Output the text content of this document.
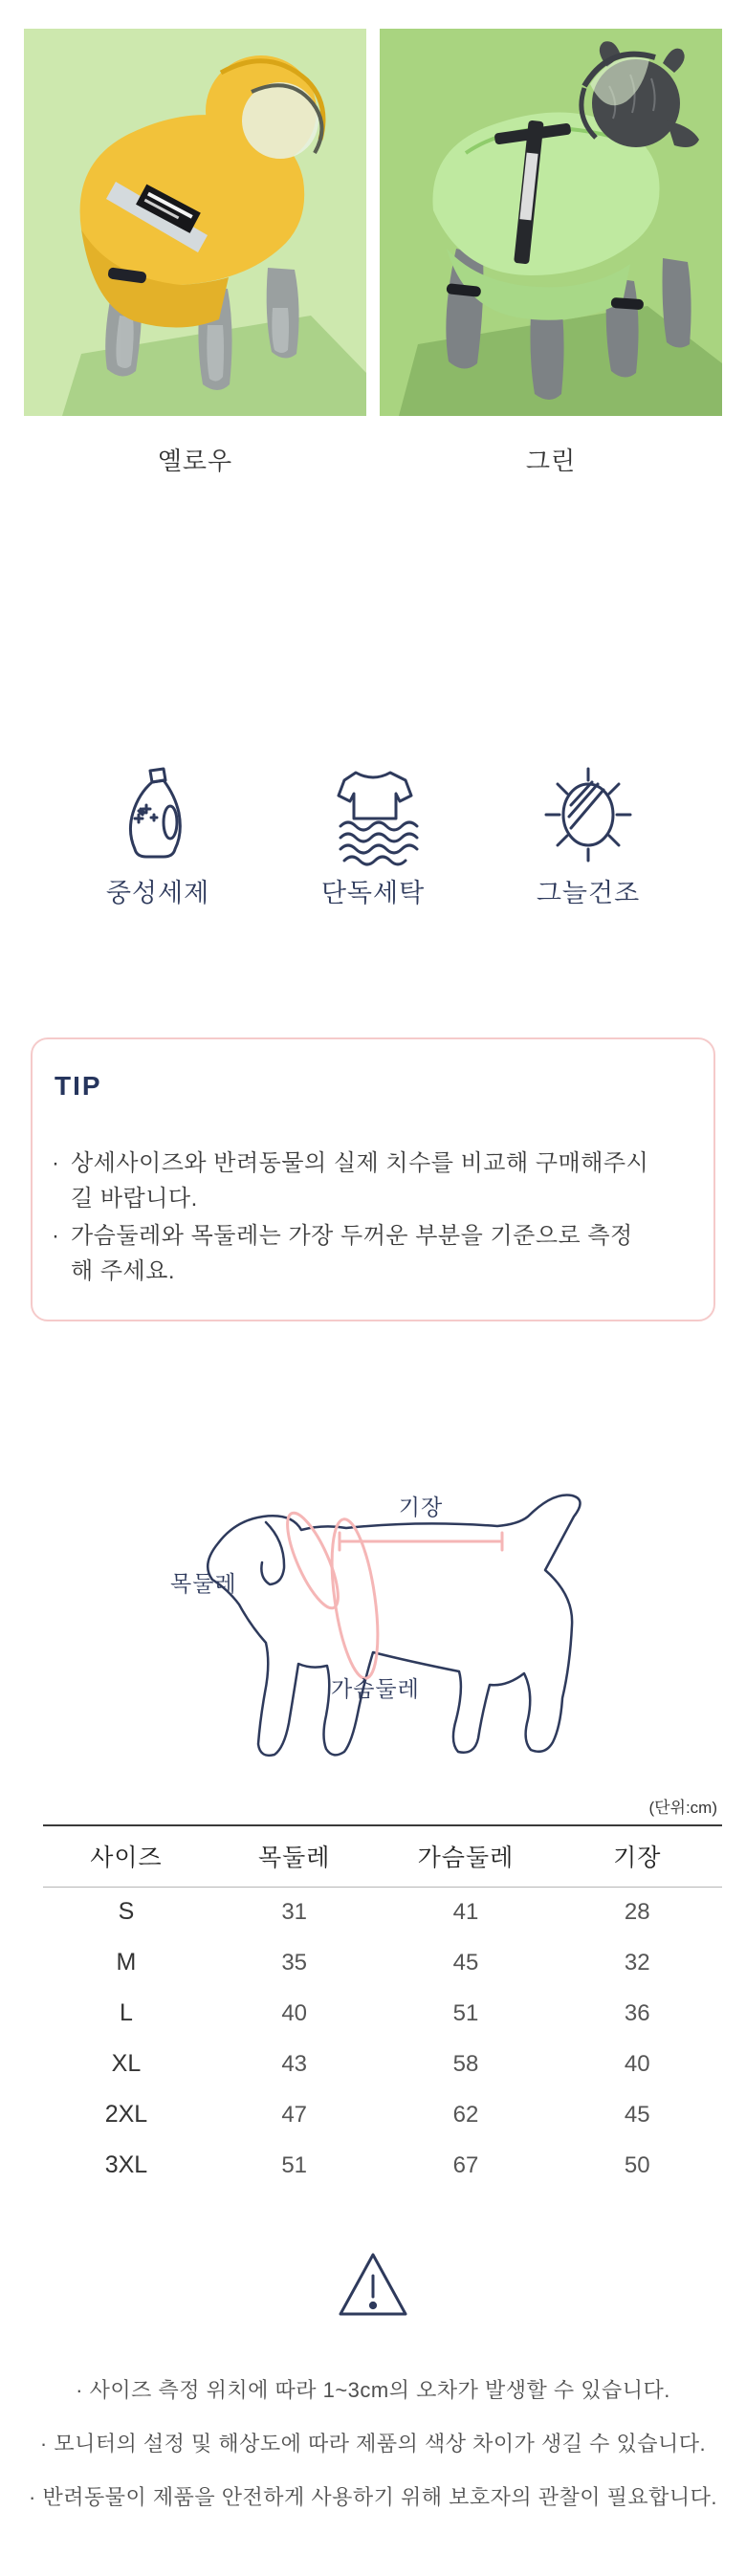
옐로우	그린
중성세제	단독세탁	그늘건조
TIP
· 상세사이즈와 반려동물의 실제 치수를 비교해 구매해주시길 바랍니다.
· 가슴둘레와 목둘레는 가장 두꺼운 부분을 기준으로 측정해 주세요.
기장
목둘레
가슴둘레
(단위:cm)
사이즈	목둘레	가슴둘레	기장
S	31	41	28
M	35	45	32
L	40	51	36
XL	43	58	40
2XL	47	62	45
3XL	51	67	50
· 사이즈 측정 위치에 따라 1~3cm의 오차가 발생할 수 있습니다.
· 모니터의 설정 및 해상도에 따라 제품의 색상 차이가 생길 수 있습니다.
· 반려동물이 제품을 안전하게 사용하기 위해 보호자의 관찰이 필요합니다.
